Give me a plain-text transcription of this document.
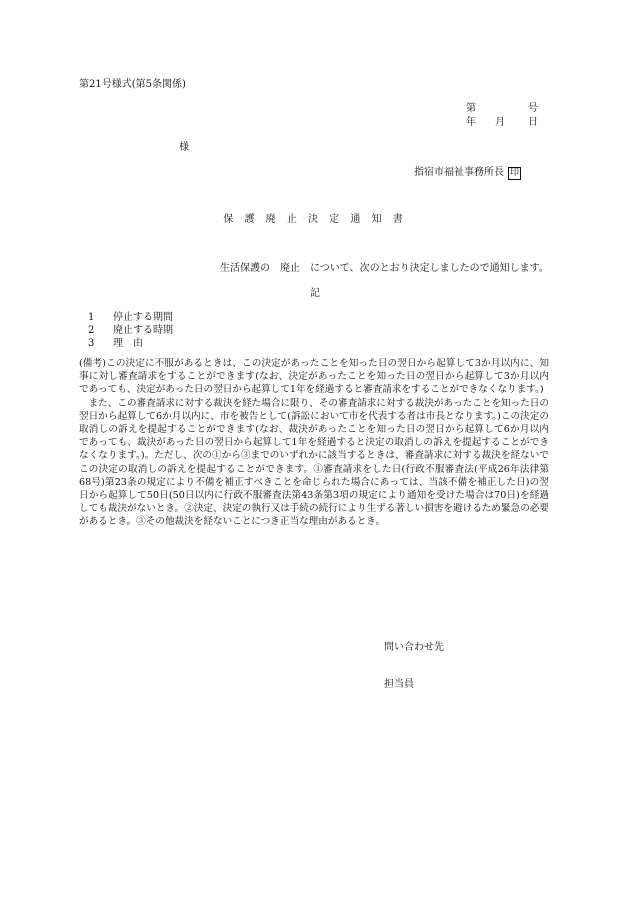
第21号様式(第5条関係)
第	号
年 月 日
様
指宿市福祉事務所長 印
保 護 廃 止 決 定 通 知 書
生活保護の　廃止　について、次のとおり決定しましたので通知します。
記
1	停止する期間
2	廃止する時期
3	理　由

(備考)この決定に不服があるときは、この決定があったことを知った日の翌日から起算して3か月以内に、知事に対し審査請求をすることができます(なお、決定があったことを知った日の翌日から起算して3か月以内であっても、決定があった日の翌日から起算して1年を経過すると審査請求をすることができなくなります。)

また、この審査請求に対する裁決を経た場合に限り、その審査請求に対する裁決があったことを知った日の翌日から起算して6か月以内に、市を被告として(訴訟において市を代表する者は市長となります。)この決定の取消しの訴えを提起することができます(なお、裁決があったことを知った日の翌日から起算して6か月以内であっても、裁決があった日の翌日から起算して1年を経過すると決定の取消しの訴えを提起することができなくなります。)。ただし、次の①から③までのいずれかに該当するときは、審査請求に対する裁決を経ないでこの決定の取消しの訴えを提起することができます。①審査請求をした日(行政不服審査法(平成26年法律第68号)第23条の規定により不備を補正すべきことを命じられた場合にあっては、当該不備を補正した日)の翌日から起算して50日(50日以内に行政不服審査法第43条第3項の規定により通知を受けた場合は70日)を経過しても裁決がないとき。②決定、決定の執行又は手続の続行により生ずる著しい損害を避けるため緊急の必要があるとき。③その他裁決を経ないことにつき正当な理由があるとき。

問い合わせ先
担当員
